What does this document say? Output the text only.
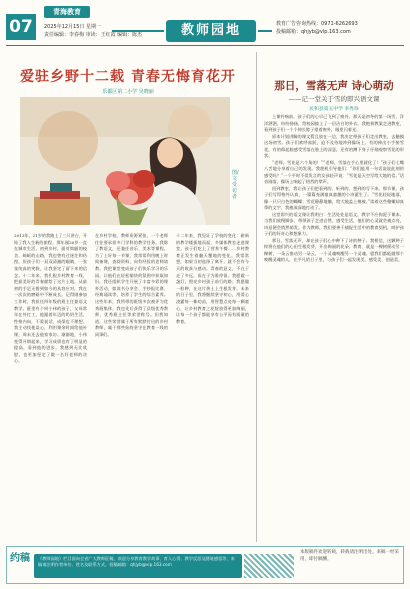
07
青海教育
2025年12月15日 星期一
责任编辑：李春梅 审读：王红霞 编辑：陈杰	教师园地	教育广告咨询热线：0971-6262693
投稿邮箱：qhjyb@vip.163.com
爱驻乡野十二载 青春无悔育花开
乐都区第二小学 吴晓丽
图/文 受访者
2013年，21岁的我踏上了三尺讲台，开始了我人生新的旅程。那年刚20岁一直在城市生活，初到乡村，面对简陋的校舍、崎岖的山路，我也曾有过迷茫和彷徨。但孩子们一双双清澈的眼睛，一张张纯真的笑脸，让我坚定了留下来的信念。十二年来，我扎根乡村教育一线，把最美好的青春献给了这片土地。从最初的手足无措到如今的从容应对，我在一次次的磨砺中不断成长。记得刚参加工作时，我担任四年级的班主任兼语文教学。班里有个叫小伟的孩子，父母常年在外打工，他跟着年迈的奶奶生活，性格内向，不爱说话，成绩也不理想。我主动找他谈心，利用课余时间给他补课，周末还去他家家访。渐渐地，小伟变得开朗起来，学习成绩也有了明显的提高。看到他的进步，我感到无比欣慰，也更加坚定了做一名好老师的决心。
在乡村学校，教师资源紧张，一个老师往往要承担多门学科的教学任务。我除了教语文，还兼任音乐、美术等课程。为了上好每一节课，我常常利用晚上时间备课，查阅资料，向有经验的老师请教。我把课堂变成孩子们快乐学习的乐园，让他们在轻松愉快的氛围中获取知识。我还组织学生开展了丰富多彩的课外活动，如读书分享会、手抄报比赛、经典诵读等，培养了学生的综合素养。这些年来，我所带的班级多次被评为优秀班集体，我也先后获得了县级优秀教师、优秀班主任等荣誉称号。但我知道，这些荣誉属于所有默默付出的乡村教师，属于那些始终坚守在教育一线的同事们。
十二年来，我见证了学校的变化：崭新的教学楼拔地而起，多媒体教室走进课堂，孩子们吃上了营养午餐……乡村教育正发生着翻天覆地的变化。我常常想，如果当初选择了离开，就不会有今天的收获与感动。青春的意义，不在于走了多远，而在于为谁停留。我愿做一盏灯，照亮乡村孩子前行的路；我愿做一粒种，在这片热土上生根发芽。未来的日子里，我将继续坚守初心，用爱心浇灌每一株幼苗，用智慧点亮每一颗童心，让乡村教育之花绽放得更加绚丽，让每一个孩子都能享有公平而有质量的教育。
那日，雪落无声 诗心萌动
——记一堂关于雪的即兴语文课
民和县第五中学 李秀珍

上课铃响前，孩子们的心早已飞到了窗外。那天是初冬的第一场雪，洋洋洒洒，纷纷扬扬，给校园披上了一层洁白的外衣。我抱着教案走进教室，看到孩子们一个个伸长脖子望着窗外，眼里闪着光。

原本计划讲解的课文暂且放在一边，我决定带孩子们走出教室，去触摸这场初雪。孩子们欢呼雀跃，迫不及待地冲到操场上。有的伸出小手接雪花，有的仰起脸感受雪落在脸上的凉意，还有的蹲下身子仔细观察雪花的形状。

“老师，雪花是六个角的！”“老师，雪落在手心里就化了！”孩子们七嘴八舌地分享着自己的发现。我趁机引导他们：“你们能用一句话说说此刻的感受吗？”一个平时不爱发言的女孩轻声说：“雪花是天空写给大地的信。”话音刚落，操场上响起了热烈的掌声。

回到教室，我让孩子们把看到的、听到的、想到的写下来。那节课，孩子们写得格外认真，一篇篇充满童真童趣的小诗诞生了。“雪花轻轻地落，像一只只白色的蝴蝶；雪花静静地躺，给大地盖上棉被。”读着这些稚嫩却真挚的文字，我被深深地打动了。

这堂即兴的语文课让我明白：生活处处是语文，教学不应拘泥于课本。当我们放慢脚步，带领孩子走进自然、感受生活，他们的心灵就会被点亮，诗意便会悄然萌发。作为教师，我们要善于捕捉生活中的教育契机，呵护孩子们的好奇心和想象力。

那日，雪落无声，却在孩子们心中种下了诗的种子。我相信，这颗种子终将在他们的心田生根发芽，开出绚丽的花朵。教育，就是一棵树摇动另一棵树，一朵云推动另一朵云，一个灵魂唤醒另一个灵魂。愿我们都能做那个唤醒灵魂的人，在平凡的日子里，与孩子们一起发现美、感受美、创造美。

约稿	《教师园地》栏目面向全省广大教师征稿，欢迎分享教育教学故事、育人心得、教学反思及随笔感悟等，来稿请注明作者单位、姓名及联系方式。投稿邮箱：qhjyb@vip.163.com
本版稿件欢迎转载，转载请注明出处。来稿一经采用，即付稿酬。
